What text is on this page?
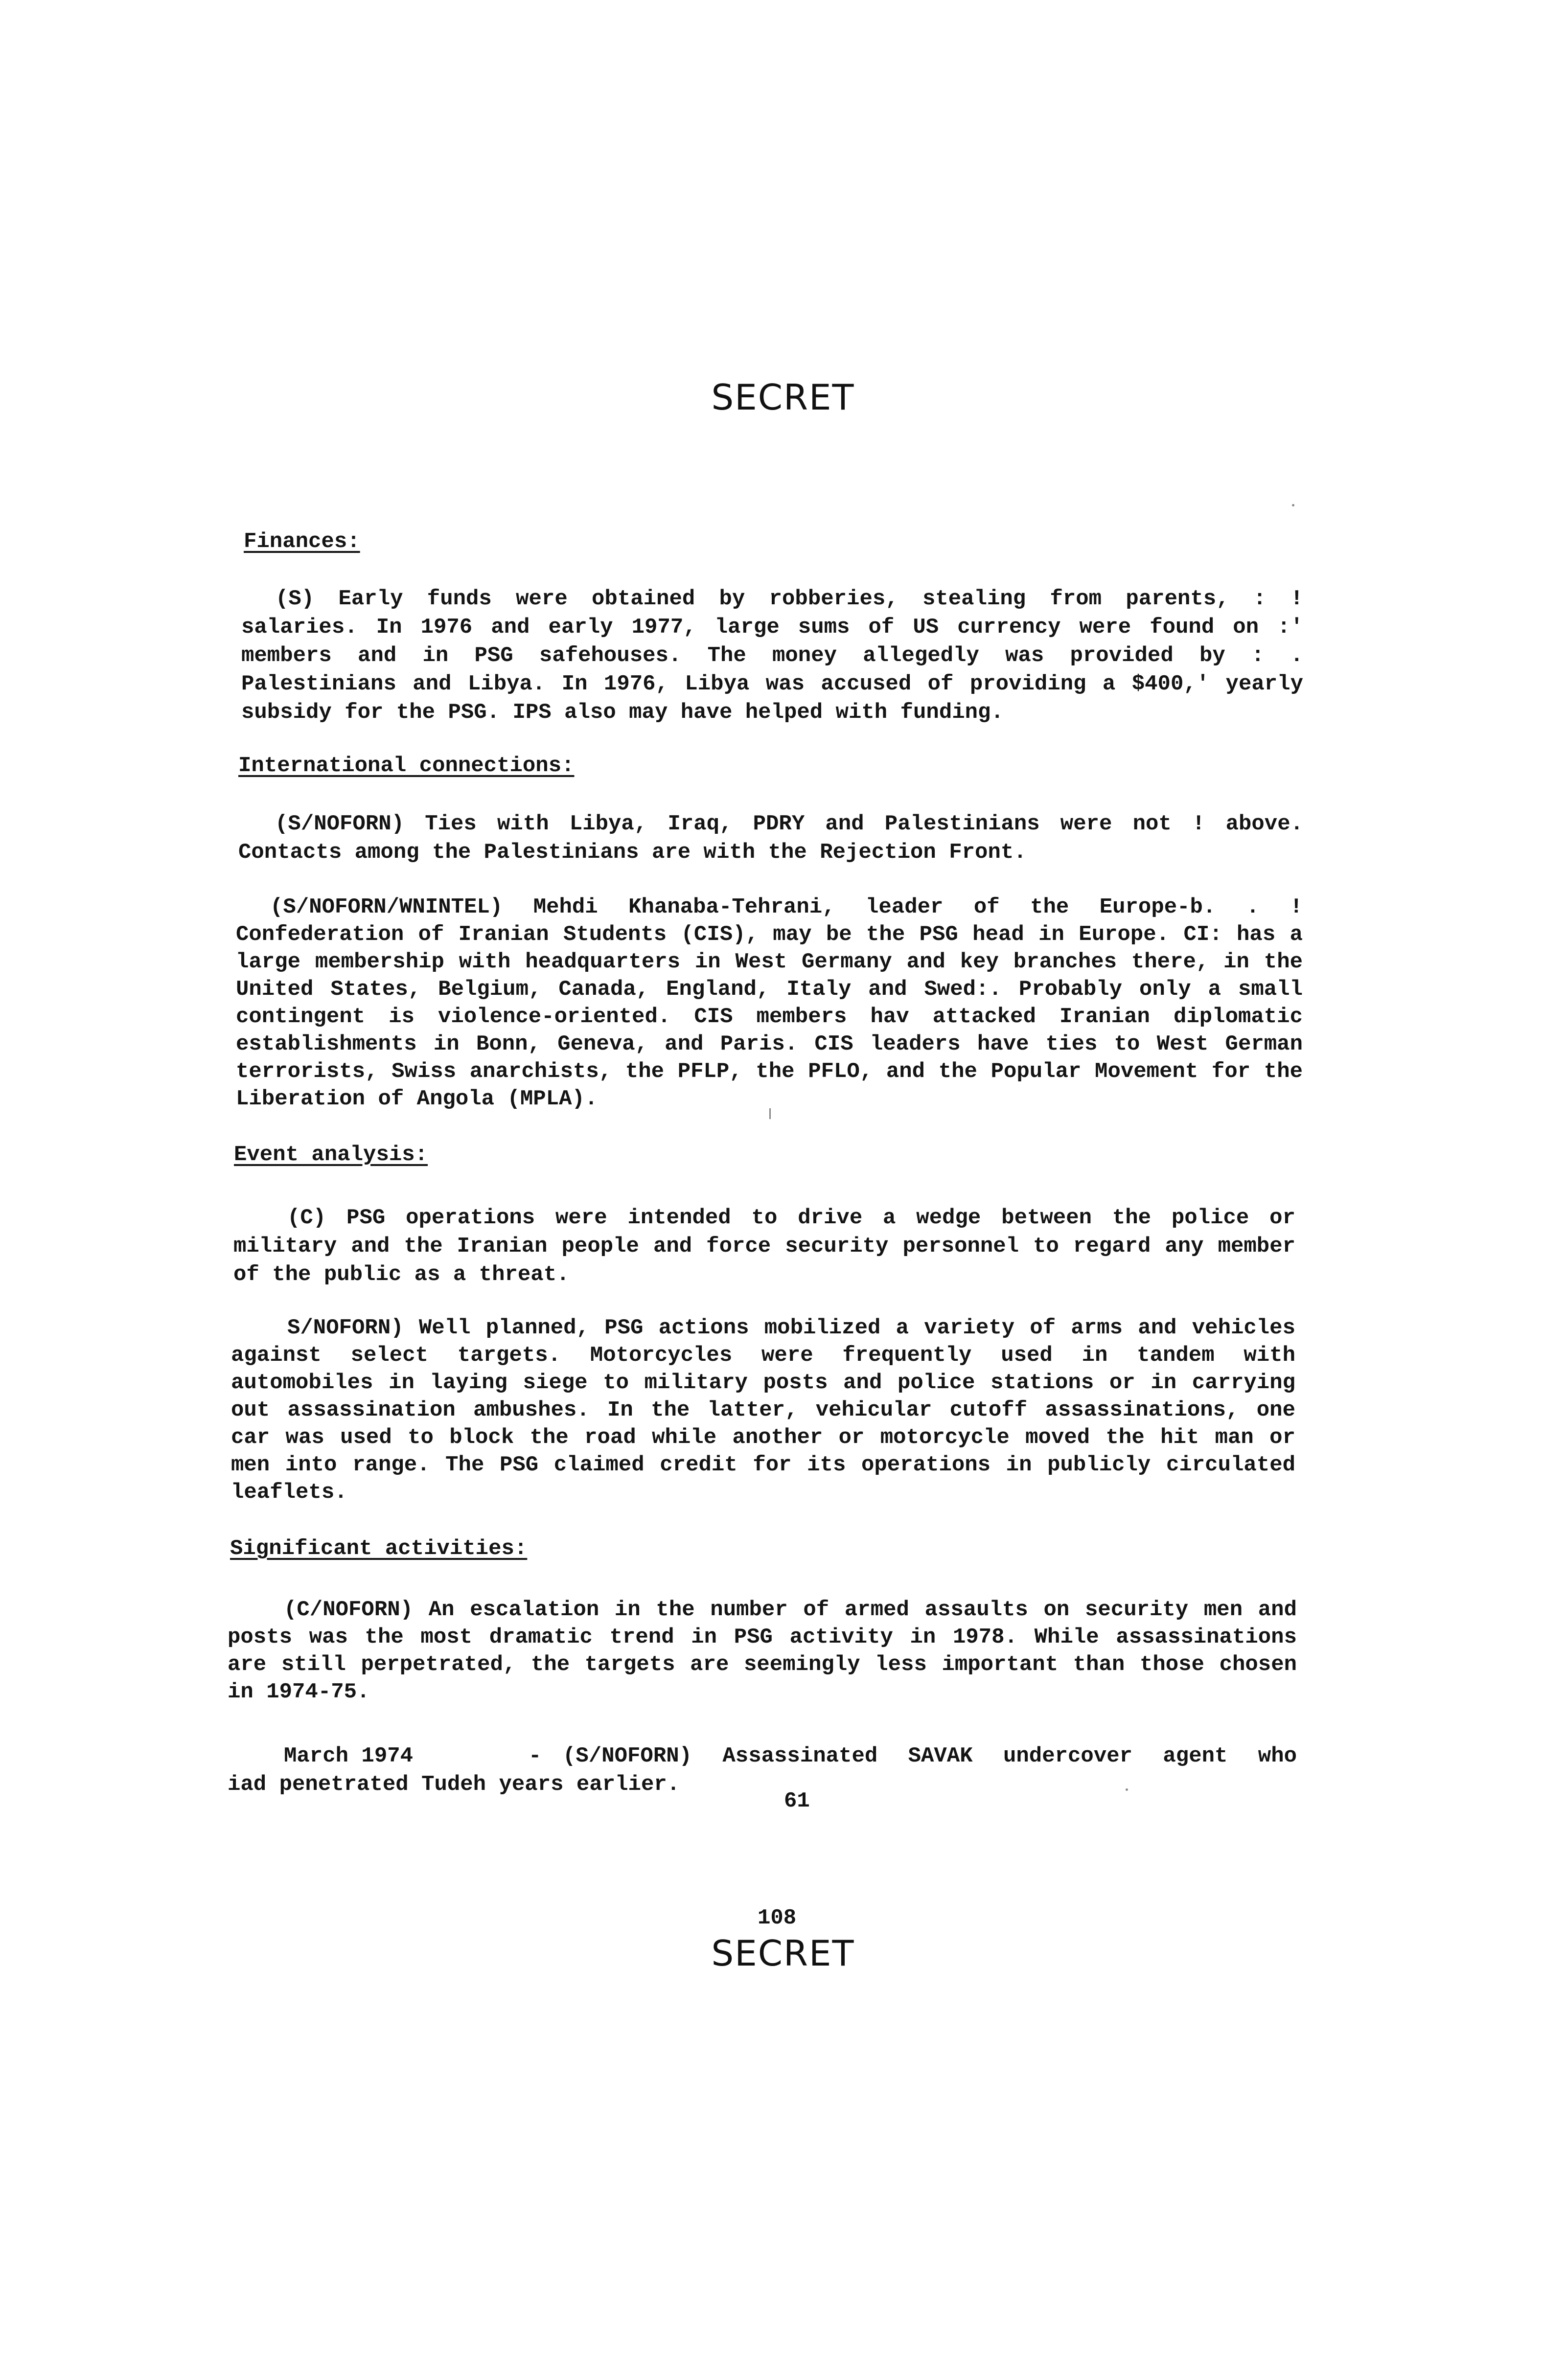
SECRET
Finances:
(S) Early funds were obtained by robberies, stealing from parents, : ! salaries. In 1976 and early 1977, large sums of US currency were found on :' members and in PSG safehouses. The money allegedly was provided by : . Palestinians and Libya. In 1976, Libya was accused of providing a $400,' yearly subsidy for the PSG. IPS also may have helped with funding.
International connections:
(S/NOFORN) Ties with Libya, Iraq, PDRY and Palestinians were not ! above. Contacts among the Palestinians are with the Rejection Front.
(S/NOFORN/WNINTEL) Mehdi Khanaba-Tehrani, leader of the Europe-b. . ! Confederation of Iranian Students (CIS), may be the PSG head in Europe. CI: has a large membership with headquarters in West Germany and key branches there, in the United States, Belgium, Canada, England, Italy and Swed:. Probably only a small contingent is violence-oriented. CIS members hav attacked Iranian diplomatic establishments in Bonn, Geneva, and Paris. CIS leaders have ties to West German terrorists, Swiss anarchists, the PFLP, the PFLO, and the Popular Movement for the Liberation of Angola (MPLA).
Event analysis:
(C) PSG operations were intended to drive a wedge between the police or military and the Iranian people and force security personnel to regard any member of the public as a threat.
S/NOFORN) Well planned, PSG actions mobilized a variety of arms and vehicles against select targets. Motorcycles were frequently used in tandem with automobiles in laying siege to military posts and police stations or in carrying out assassination ambushes. In the latter, vehicular cutoff assassinations, one car was used to block the road while another or motorcycle moved the hit man or men into range. The PSG claimed credit for its operations in publicly circulated leaflets.
Significant activities:
(C/NOFORN) An escalation in the number of armed assaults on security men and posts was the most dramatic trend in PSG activity in 1978. While assassinations are still perpetrated, the targets are seemingly less important than those chosen in 1974-75.
March 1974	- (S/NOFORN) Assassinated SAVAK undercover agent who
iad penetrated Tudeh years earlier.
61
108
SECRET
